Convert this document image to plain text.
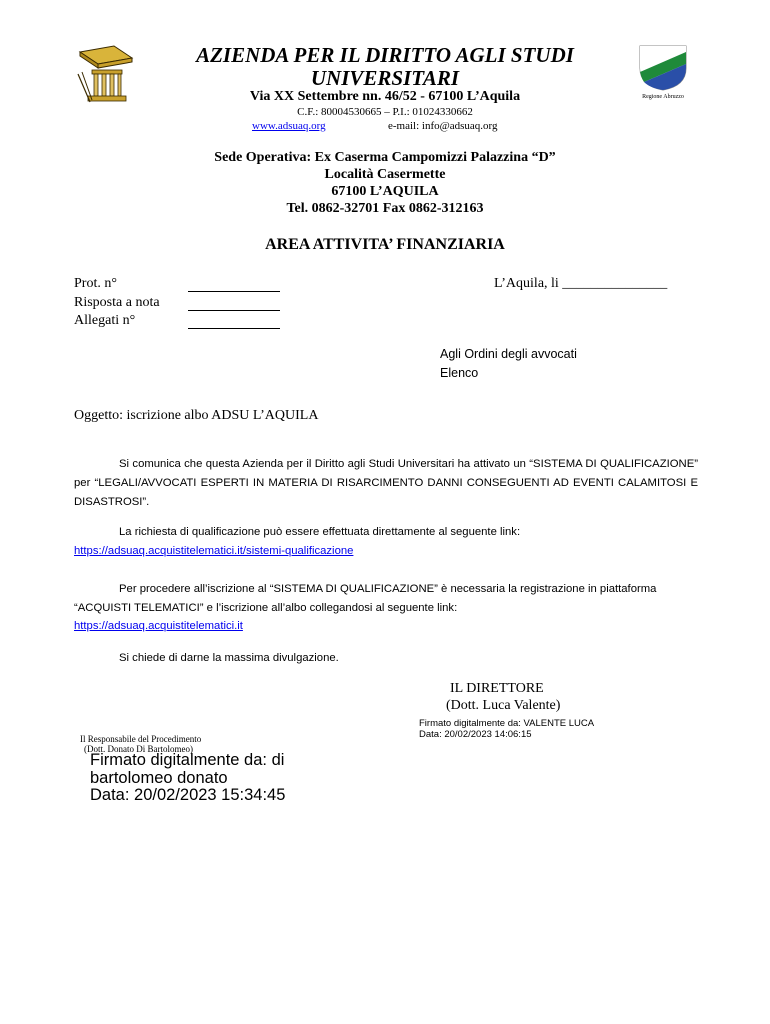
AZIENDA PER IL DIRITTO AGLI STUDI
UNIVERSITARI
Via XX Settembre nn. 46/52 - 67100 L’Aquila
C.F.: 80004530665 – P.I.: 01024330662
www.adsuaq.org	e-mail: info@adsuaq.org
Regione Abruzzo
Sede Operativa: Ex Caserma Campomizzi Palazzina “D”
Località Casermette
67100 L’AQUILA
Tel. 0862-32701 Fax 0862-312163
AREA ATTIVITA’ FINANZIARIA
Prot. n°
Risposta a nota
Allegati n°
L’Aquila, li _______________
Agli Ordini degli avvocati
Elenco
Oggetto: iscrizione albo ADSU L’AQUILA
Si comunica che questa Azienda per il Diritto agli Studi Universitari ha attivato un “SISTEMA DI QUALIFICAZIONE” per “LEGALI/AVVOCATI ESPERTI IN MATERIA DI RISARCIMENTO DANNI CONSEGUENTI AD EVENTI CALAMITOSI E DISASTROSI”.
La richiesta di qualificazione può essere effettuata direttamente al seguente link:
https://adsuaq.acquistitelematici.it/sistemi-qualificazione
Per procedere all’iscrizione al “SISTEMA DI QUALIFICAZIONE” è necessaria la registrazione in piattaforma “ACQUISTI TELEMATICI” e l’iscrizione all’albo collegandosi al seguente link:
https://adsuaq.acquistitelematici.it
Si chiede di darne la massima divulgazione.
IL DIRETTORE
(Dott. Luca Valente)
Firmato digitalmente da: VALENTE LUCA
Data: 20/02/2023 14:06:15
Il Responsabile del Procedimento
(Dott. Donato Di Bartolomeo)
Firmato digitalmente da: di
bartolomeo donato
Data: 20/02/2023 15:34:45
